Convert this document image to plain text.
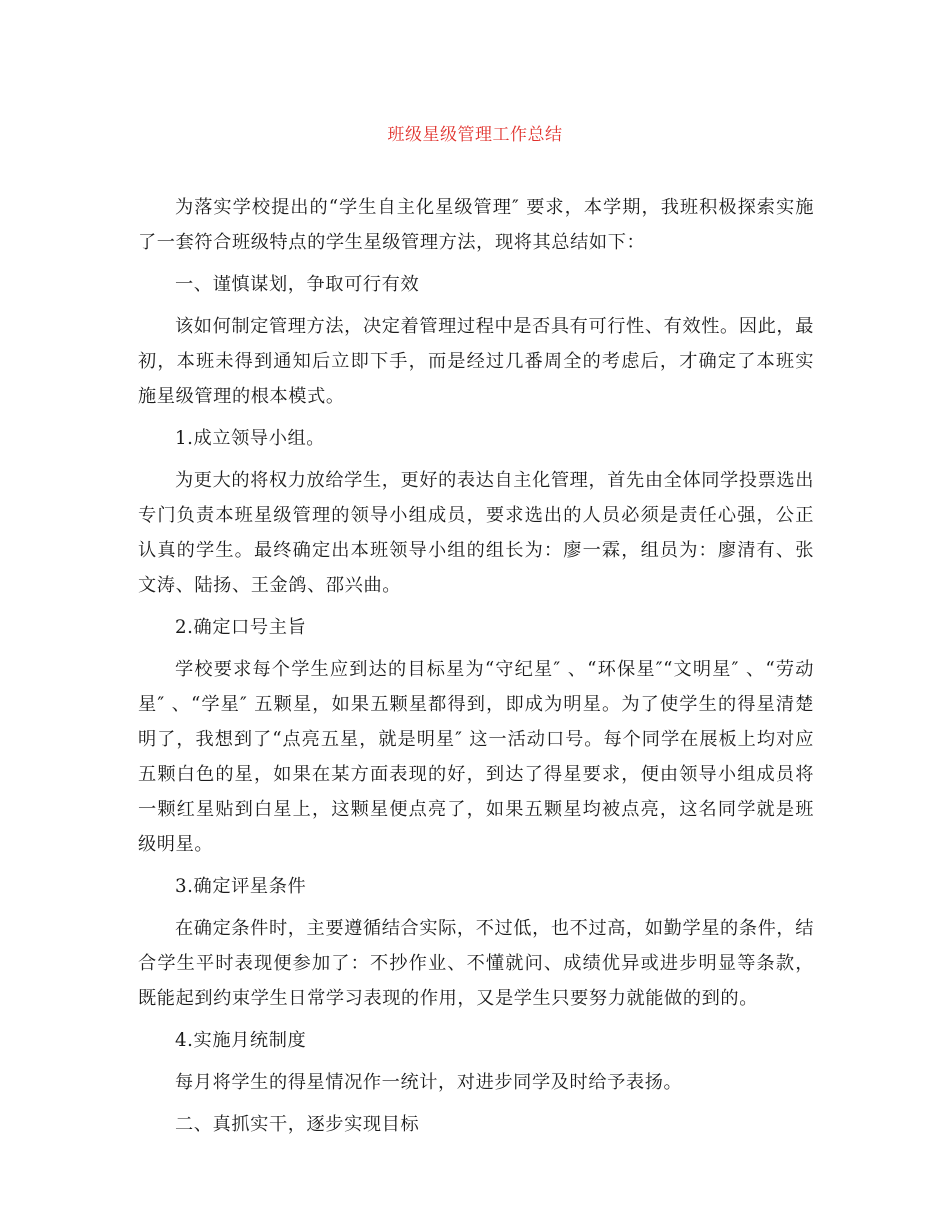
班级星级管理工作总结

为落实学校提出的“学生自主化星级管理″ 要求，本学期，我班积极探索实施了一套符合班级特点的学生星级管理方法，现将其总结如下：

一、谨慎谋划，争取可行有效

该如何制定管理方法，决定着管理过程中是否具有可行性、有效性。因此，最初，本班未得到通知后立即下手，而是经过几番周全的考虑后，才确定了本班实施星级管理的根本模式。

1.成立领导小组。

为更大的将权力放给学生，更好的表达自主化管理，首先由全体同学投票选出专门负责本班星级管理的领导小组成员，要求选出的人员必须是责任心强，公正认真的学生。最终确定出本班领导小组的组长为：廖一霖，组员为：廖清有、张文涛、陆扬、王金鸽、邵兴曲。

2.确定口号主旨

学校要求每个学生应到达的目标星为“守纪星″ 、“环保星″“文明星″ 、“劳动星″ 、“学星″ 五颗星，如果五颗星都得到，即成为明星。为了使学生的得星清楚明了，我想到了“点亮五星，就是明星″ 这一活动口号。每个同学在展板上均对应五颗白色的星，如果在某方面表现的好，到达了得星要求，便由领导小组成员将一颗红星贴到白星上，这颗星便点亮了，如果五颗星均被点亮，这名同学就是班级明星。

3.确定评星条件

在确定条件时，主要遵循结合实际，不过低，也不过高，如勤学星的条件，结合学生平时表现便参加了：不抄作业、不懂就问、成绩优异或进步明显等条款，既能起到约束学生日常学习表现的作用，又是学生只要努力就能做的到的。

4.实施月统制度

每月将学生的得星情况作一统计，对进步同学及时给予表扬。

二、真抓实干，逐步实现目标
